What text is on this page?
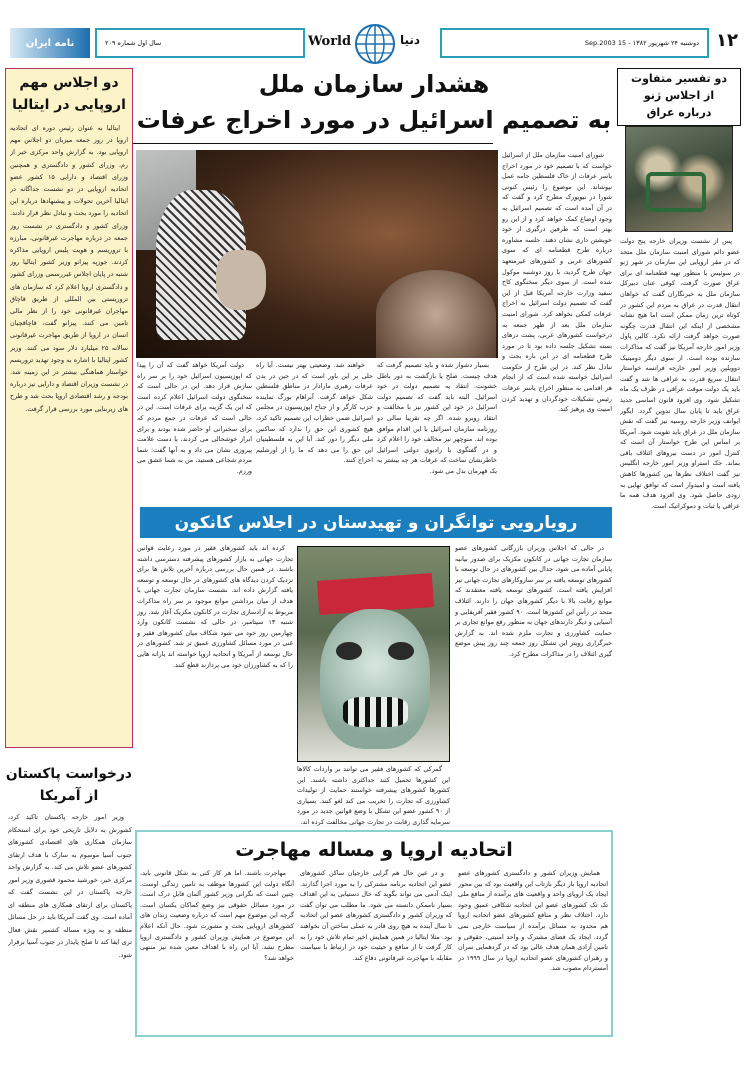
نامه ایران	سال اول شماره ۲۰۹	World	دنیا	دوشنبه ۲۴ شهریور ۱۳۸۲ - 15 Sep.2003 ۱۲
دو اجلاس مهم
اروپایی در ایتالیا

ایتالیا به عنوان رئیس دوره ای اتحادیه اروپا در روز جمعه میزبان دو اجلاس مهم اروپایی بود. به گزارش واحد مرکزی خبر از رم، وزرای کشور و دادگستری و همچنین وزرای اقتصاد و دارایی ۱۵ کشور عضو اتحادیه اروپایی در دو نشست جداگانه در ایتالیا آخرین تحولات و پیشنهادها درباره این اتحادیه را مورد بحث و تبادل نظر قرار دادند. وزرای کشور و دادگستری در نشست روز جمعه در درباره مهاجرت غیرقانونی، مبارزه با تروریسم و هویت پلیس اروپایی مذاکره کردند. جوزپه پیزانو وزیر کشور ایتالیا روز شنبه در پایان اجلاس غیررسمی وزرای کشور و دادگستری اروپا اعلام کرد که سازمان های تروریستی بین المللی از طریق قاچاق مهاجران غیرقانونی خود را از نظر مالی تامین می کنند. پیزانو گفت، قاچاقچیان انسان در اروپا از طریق مهاجرت غیرقانونی سالانه ۲۵ میلیارد دلار سود می کنند. وزیر کشور ایتالیا با اشاره به وجود تهدید تروریسم خواستار هماهنگی بیشتر در این زمینه شد. در نشست وزیران اقتصاد و دارایی نیز درباره بودجه و رشد اقتصادی اروپا بحث شد و طرح های زیربنایی مورد بررسی قرار گرفت.

درخواست پاکستان
از آمریکا

وزیر امور خارجه پاکستان تاکید کرد، کشورش به دلایل تاریخی خود برای استحکام سازمان همکاری های اقتصادی کشورهای جنوب آسیا موسوم به سارک با هدف ارتقای کشورهای عضو تلاش می کند. به گزارش واحد مرکزی خبر، خورشید محمود قصوری وزیر امور خارجه پاکستان در این نشست گفت که پاکستان برای ارتقای همکاری های منطقه ای آماده است. وی گفت آمریکا باید در حل مسائل منطقه و به ویژه مساله کشمیر نقش فعال تری ایفا کند تا صلح پایدار در جنوب آسیا برقرار شود.

دو تفسیر متفاوت
از اجلاس ژنو
درباره عراق

پس از نشست وزیران خارجه پنج دولت عضو دائم شورای امنیت سازمان ملل متحد که در مقر اروپایی این سازمان در شهر ژنو در سوئیس با منظور تهیه قطعنامه ای برای عراق صورت گرفت، کوفی عنان دبیرکل سازمان ملل به خبرنگاران گفت که خواهان انتقال قدرت در عراق به مردم این کشور در کوتاه ترین زمان ممکن است اما هیچ نشانه مشخصی از اینکه این انتقال قدرت چگونه صورت خواهد گرفت ارائه نکرد. کالین پاول وزیر امور خارجه آمریکا نیز گفت که مذاکرات سازنده بوده است. از سوی دیگر دومینیک دوویلپن وزیر امور خارجه فرانسه خواستار انتقال سریع قدرت به عراقی ها شد و گفت باید یک دولت موقت عراقی در ظرف یک ماه تشکیل شود. وی افزود قانون اساسی جدید عراق باید تا پایان سال تدوین گردد. ایگور ایوانف وزیر خارجه روسیه نیز گفت که نقش سازمان ملل در عراق باید تقویت شود. آمریکا بر اساس این طرح خواستار آن است که کنترل امور در دست نیروهای ائتلاف باقی بماند. جک استراو وزیر امور خارجه انگلیس نیز گفت اختلاف نظرها بین کشورها کاهش یافته است و امیدوار است که توافق نهایی به زودی حاصل شود. وی افزود هدف همه ما عراقی با ثبات و دموکراتیک است.

هشدار سازمان ملل
به تصمیم اسرائیل در مورد اخراج عرفات

شورای امنیت سازمان ملل از اسرائیل خواست که با تصمیم خود در مورد اخراج یاسر عرفات از خاک فلسطین جامه عمل نپوشاند. این موضوع را رئیس کنونی شورا در نیویورک مطرح کرد و گفت که در آن آمده است که تصمیم اسرائیل به وجود اوضاع کمک خواهد کرد و از این رو بهتر است که طرفین درگیری از خود خویشتن داری نشان دهند. جلسه مشاوره درباره طرح قطعنامه ای که سوی کشورهای عربی و کشورهای غیرمتعهد جهان طرح گردید، با روز دوشنبه موکول شده است. از سوی دیگر سخنگوی کاخ سفید وزارت خارجه آمریکا قبل از این گفت که تصمیم دولت اسرائیل به اخراج عرفات کمکی نخواهد کرد. شورای امنیت سازمان ملل بعد از ظهر جمعه به درخواست کشورهای عربی، پشت درهای بسته تشکیل جلسه داده بود تا در مورد طرح قطعنامه ای در این باره بحث و تبادل نظر کند. در این طرح از حکومت اسرائیل خواسته شده است که از انجام هر اقدامی به منظور اخراج یاسر عرفات رئیس تشکیلات خودگردان و تهدید کردن امنیت وی پرهیز کند.

بسیار دشوار شده و باید تصمیم گرفت که هدف چیست. صلح یا بازگشت به دور باطل خشونت. انتقاد به تصمیم دولت در خود اسرائیل. البته باید گفت که تصمیم دولت اسرائیل در خود این کشور نیز با مخالفت و انتقاد روبرو شده. اگر چه تقریبا سالی دو روزنامه سازمان اسرائیل با این اقدام موافق بوده اند. منوچهر نیز مخالف خود را اعلام کرد و در گفتگوی با رادیوی دولتی اسرائیل خاطرنشان ساخت که عرفات هر چه بیشتر به یک قهرمان بدل می شود.

خواهند شد. وضعیتی بهتر نیست. آیا راه حلی بر این باور است که در حین در بدن عرفات رهبری مارادار در مناطق فلسطین شکل خواهد گرفت. آبراهام بورگ نماینده حزب کارگر و از جناح اپوزیسیون در مجلس اسرائیل ضمن خطراب این تصمیم تاکید کرد، هیچ کشوری این حق را ندارد که ساکنین ملی دیگر را دور کند. آیا این به فلسطینیان این حق را می دهد که ما را از اورشلیم اخراج کنند.

دولت آمریکا خواهد گفت که آن را پیدا که اپوزیسیون اسرائیل خود را بر سر راه سازش قرار دهد. این در حالی است که سخنگوی دولت اسرائیل اعلام کرده است که این یک گزینه برای عرفات است. این در حالی است که عرفات در جمع مردم که برای سخنرانی او حاضر شده بودند و برای ابراز خوشحالی می کردند، با دست علامت پیروزی نشان می داد و به آنها گفت: شما مردم شجاعی هستید، من به شما عشق می ورزم.

رویارویی توانگران و تهیدستان در اجلاس کانکون

در حالی که اجلاس وزیران بازرگانی کشورهای عضو سازمان تجارت جهانی در کانکون مکزیک برای صدور بیانیه پایانی آماده می شود، جدال بین کشورهای در حال توسعه با کشورهای توسعه یافته بر سر سازوکارهای تجارت جهانی نیز افزایش یافته است. کشورهای توسعه یافته معتقدند که موانع رقابت بالا با دیگر کشورهای جهان را دارند. ائتلاف متحد در رأس این کشورها است. ۹۰ کشور فقیر آفریقایی و آسیایی و دیگر دارندهای جهان به منظور رفع موانع تجاری بر حمایت کشاورزی و تجارت ملزم شده اند. به گزارش خبرگزاری رویتر این تشکل روز جمعه چند روز پیش موضع گیری ائتلاف را در مذاکرات مطرح کرد.

گمرکی که کشورهای فقیر می توانند بر واردات کالاها این کشورها تحمیل کنند حداکثری داشته باشند. این کشورها کشورهای پیشرفته خواستند حمایت از تولیدات کشاورزی که تجارت را تخریب می کند لغو کنند. بسیاری از ۹۰ کشور عضو این تشکل با وضع قوانین جدید در مورد سرمایه گذاری رقابت در تجارت جهانی مخالفت کرده اند.

کرده اند باید کشورهای فقیر در مورد رعایت قوانین تجارت جهانی به بازار کشورهای پیشرفته دسترسی داشته باشند. در همین حال بررسی درباره آخرین تلاش ها برای نزدیک کردن دیدگاه های کشورهای در حال توسعه و توسعه یافته گزارش داده اند. نشست سازمان تجارت جهانی با هدف از میان برداشتن موانع موجود بر سر راه مذاکرات مربوط به آزادسازی تجارت در کانکون مکزیک آغاز شد. روز شنبه ۱۳ سپتامبر، در حالی که نشست کانکون وارد چهارمین روز خود می شود شکاف میان کشورهای فقیر و غنی در مورد مسائل کشاورزی عمیق تر شد. کشورهای در حال توسعه از آمریکا و اتحادیه اروپا خواسته اند یارانه هایی را که به کشاورزان خود می پردازند قطع کنند.

اتحادیه اروپا و مساله مهاجرت

همایش وزیران کشور و دادگستری کشورهای عضو اتحادیه اروپا بار دیگر بازتاب این واقعیت بود که بین محور ایجاد یک اروپای واحد و واقعیت های برآمده از منافع ملی تک تک کشورهای عضو این اتحادیه شکافی عمیق وجود دارد. اختلاف نظر و منافع کشورهای عضو اتحادیه اروپا هم محدود به مسائل برآمده از سیاست خارجی نمی گردد. ایجاد یک فضای مشترک و واحد امنیتی، حقوقی و تامین آزادی همان هدف عالی بود که در گردهمایی سران و رهبران کشورهای عضو اتحادیه اروپا در سال ۱۹۹۹ در آمستردام مصوب شد.

و در عین حال هم گرایی خارجیان ساکن کشورهای عضو این اتحادیه برنامه مشترکی را به مورد اجرا گذارند. اینک آدمی می تواند بگوید که حال دستیابی به این اهداف بسیار ناممکن دانسته می شود. ما مطلب می توان گفت که وزیران کشور و دادگستری کشورهای عضو این اتحادیه تا سال آینده به هیچ روی قادر به عملی ساختن آن نخواهند بود. مثلا ایتالیا در همین همایش اخیر تمام تلاش خود را به کار گرفت تا از منافع و حیثیت خود در ارتباط با سیاست مقابله با مهاجرت غیرقانونی دفاع کند.

مهاجرت باشند. اما هر کار کنی به شکل قانونی باید، آنگاه دولت این کشورها موظف به تامین زندگی اوست. چنین است که نگرانی وزیر کشور آلمان قابل درک است. در مورد مسائل حقوقی نیز وضع کماکان یکسان است. گرچه این موضوع مهم است که درباره وضعیت زندان های کشورهای اروپایی بحث و مشورت شود. حال آنکه اعلام این موضوع در همایش وزیران کشور و دادگستری اروپا مطرح نشد. آیا این راه با اهداف معین شده نیز منتهی خواهد شد؟
